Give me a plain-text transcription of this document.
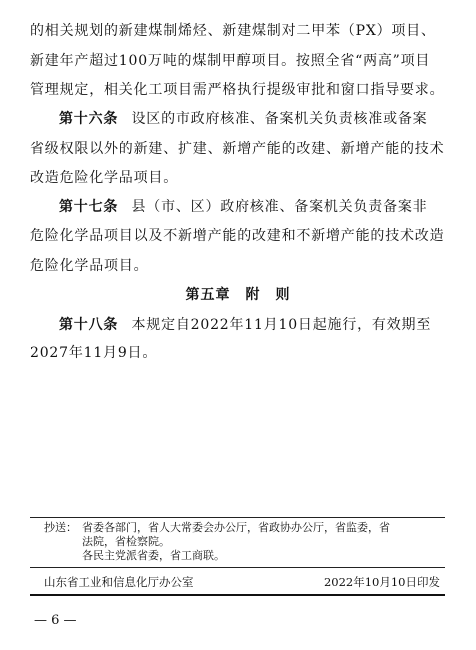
的相关规划的新建煤制烯烃、新建煤制对二甲苯（PX）项目、
新建年产超过100万吨的煤制甲醇项目。按照全省“两高”项目
管理规定，相关化工项目需严格执行提级审批和窗口指导要求。
第十六条 设区的市政府核准、备案机关负责核准或备案
省级权限以外的新建、扩建、新增产能的改建、新增产能的技术
改造危险化学品项目。
第十七条 县（市、区）政府核准、备案机关负责备案非
危险化学品项目以及不新增产能的改建和不新增产能的技术改造
危险化学品项目。
第五章　附　则
第十八条 本规定自2022年11月10日起施行，有效期至
2027年11月9日。
抄送： 省委各部门，省人大常委会办公厅，省政协办公厅，省监委，省
法院，省检察院。
各民主党派省委，省工商联。
山东省工业和信息化厅办公室	2022年10月10日印发
— 6 —
